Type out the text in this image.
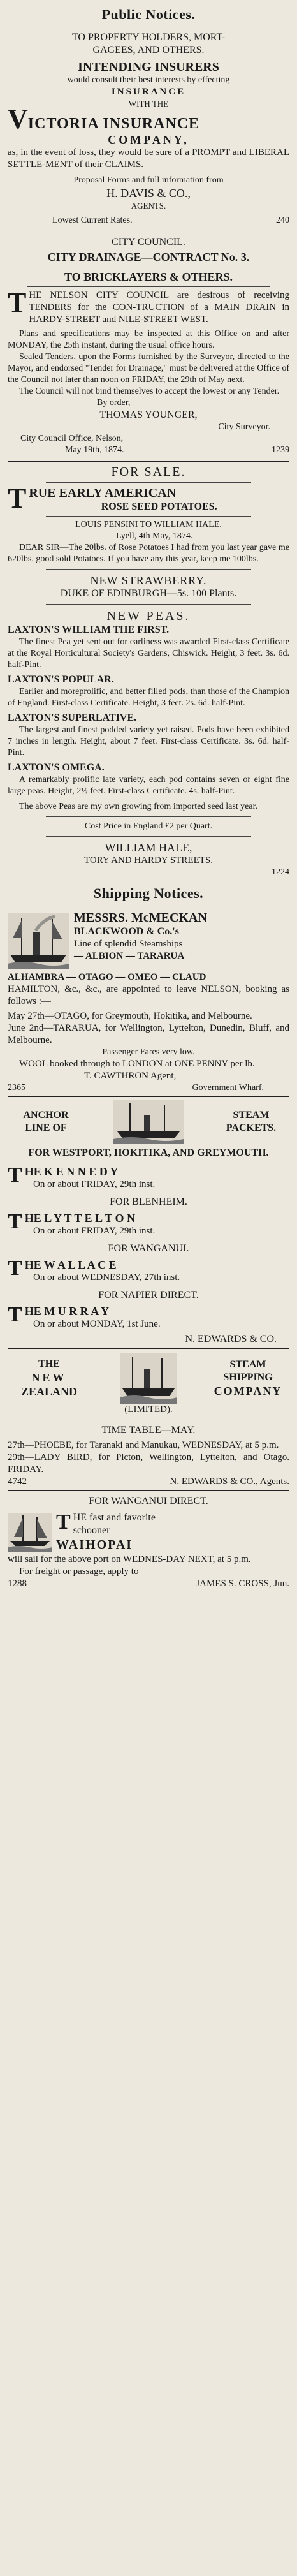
Public Notices.
TO PROPERTY HOLDERS, MORT-
GAGEES, AND OTHERS.
INTENDING INSURERS
would consult their best interests by effecting
INSURANCE
WITH THE
VICTORIA INSURANCE
COMPANY,
as, in the event of loss, they would be sure of a PROMPT and LIBERAL SETTLE-MENT of their CLAIMS.
Proposal Forms and full information from
H. DAVIS & CO.,
AGENTS.
Lowest Current Rates.	240
CITY COUNCIL.
CITY DRAINAGE—CONTRACT No. 3.
TO BRICKLAYERS & OTHERS.
T HE NELSON CITY COUNCIL are desirous of receiving TENDERS for the CON-TRUCTION of a MAIN DRAIN in HARDY-STREET and NILE-STREET WEST.
Plans and specifications may be inspected at this Office on and after MONDAY, the 25th instant, during the usual office hours.
Sealed Tenders, upon the Forms furnished by the Surveyor, directed to the Mayor, and endorsed "Tender for Drainage," must be delivered at the Office of the Council not later than noon on FRIDAY, the 29th of May next.
The Council will not bind themselves to accept the lowest or any Tender.
By order,
THOMAS YOUNGER,
City Surveyor.
City Council Office, Nelson,
May 19th, 1874.	1239
FOR SALE.
T RUE EARLY AMERICAN
ROSE SEED POTATOES.
LOUIS PENSINI TO WILLIAM HALE.
Lyell, 4th May, 1874.
DEAR SIR—The 20lbs. of Rose Potatoes I had from you last year gave me 620lbs. good sold Potatoes. If you have any this year, keep me 100lbs.
NEW STRAWBERRY.
DUKE OF EDINBURGH—5s. 100 Plants.
NEW PEAS.
LAXTON'S WILLIAM THE FIRST.
The finest Pea yet sent out for earliness was awarded First-class Certificate at the Royal Horticultural Society's Gardens, Chiswick. Height, 3 feet. 3s. 6d. half-Pint.
LAXTON'S POPULAR.
Earlier and moreprolific, and better filled pods, than those of the Champion of England. First-class Certificate. Height, 3 feet. 2s. 6d. half-Pint.
LAXTON'S SUPERLATIVE.
The largest and finest podded variety yet raised. Pods have been exhibited 7 inches in length. Height, about 7 feet. First-class Certificate. 3s. 6d. half-Pint.
LAXTON'S OMEGA.
A remarkably prolific late variety, each pod contains seven or eight fine large peas. Height, 2½ feet. First-class Certificate. 4s. half-Pint.
The above Peas are my own growing from imported seed last year.
Cost Price in England £2 per Quart.
WILLIAM HALE,
TORY AND HARDY STREETS.
1224
Shipping Notices.
MESSRS. McMECKAN
BLACKWOOD & Co.'s
Line of splendid Steamships
— ALBION — TARARUA
ALHAMBRA — OTAGO — OMEO — CLAUD
HAMILTON, &c., &c., are appointed to leave NELSON, booking as follows :—
May 27th—OTAGO, for Greymouth, Hokitika, and Melbourne.
June 2nd—TARARUA, for Wellington, Lyttelton, Dunedin, Bluff, and Melbourne.
Passenger Fares very low.
WOOL booked through to LONDON at ONE PENNY per lb.
T. CAWTHRON Agent,
2365	Government Wharf.
ANCHOR
LINE OF
STEAM
PACKETS.
FOR WESTPORT, HOKITIKA, AND GREYMOUTH.
T HE K E N N E D Y
On or about FRIDAY, 29th inst.
FOR BLENHEIM.
T HE L Y T T E L T O N
On or about FRIDAY, 29th inst.
FOR WANGANUI.
T HE W A L L A C E
On or about WEDNESDAY, 27th inst.
FOR NAPIER DIRECT.
T HE M U R R A Y
On or about MONDAY, 1st June.
N. EDWARDS & CO.
THE
NEW
ZEALAND
STEAM
SHIPPING
COMPANY
(LIMITED).
TIME TABLE—MAY.
27th—PHOEBE, for Taranaki and Manukau, WEDNESDAY, at 5 p.m.
29th—LADY BIRD, for Picton, Wellington, Lyttelton, and Otago. FRIDAY.
4742	N. EDWARDS & CO., Agents.
FOR WANGANUI DIRECT.
T HE fast and favorite
schooner
WAIHOPAI
will sail for the above port on WEDNES-DAY NEXT, at 5 p.m.
For freight or passage, apply to
1288	JAMES S. CROSS, Jun.
